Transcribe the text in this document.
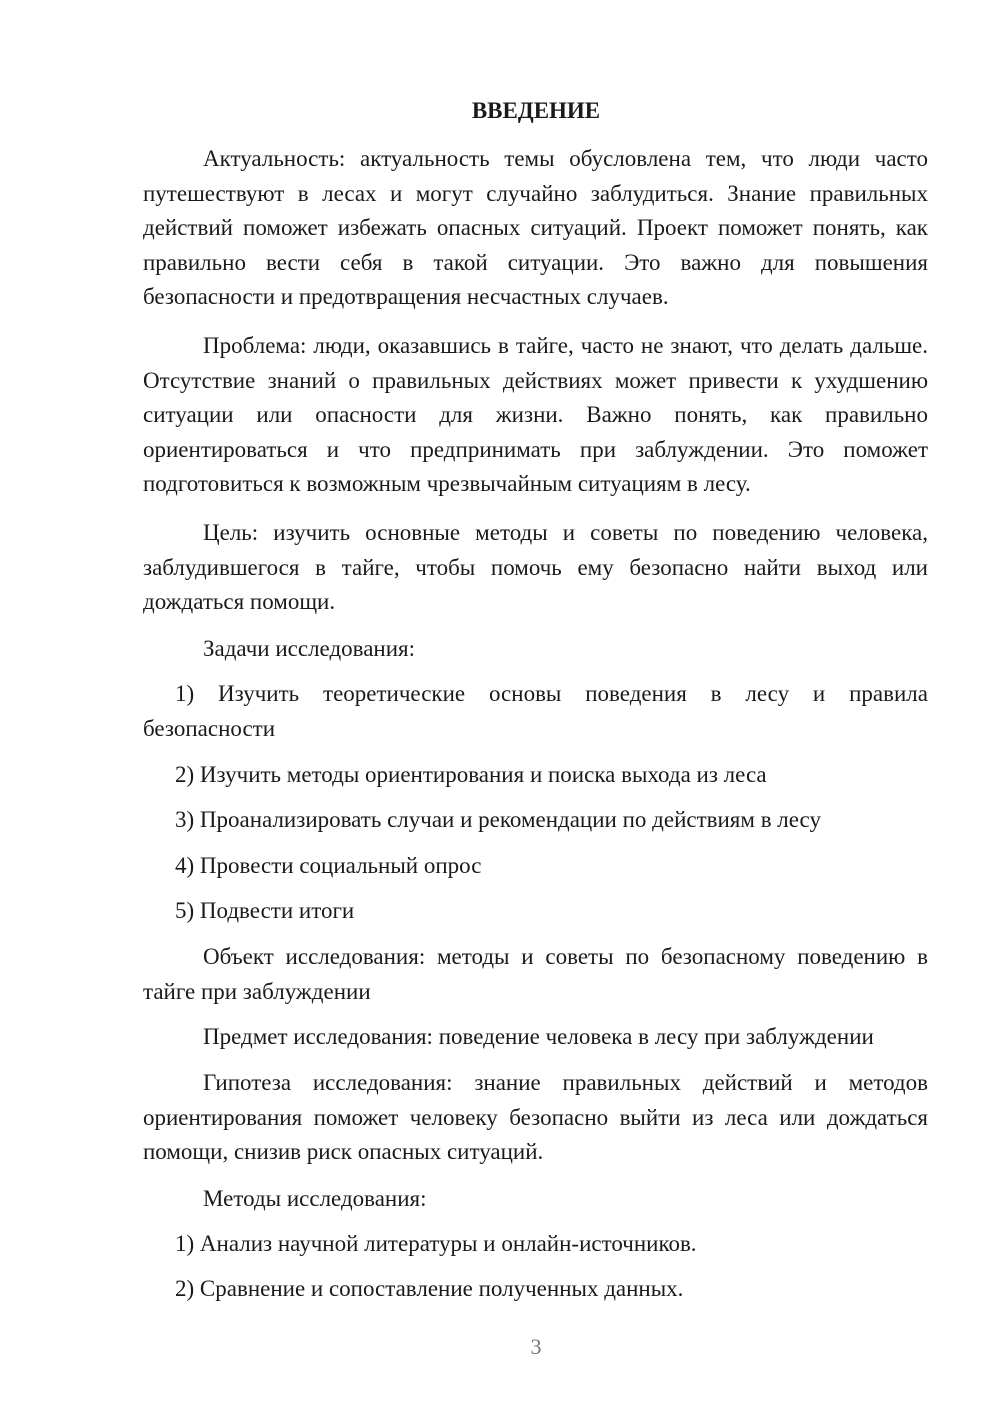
ВВЕДЕНИЕ

Актуальность: актуальность темы обусловлена тем, что люди часто путешествуют в лесах и могут случайно заблудиться. Знание правильных действий поможет избежать опасных ситуаций. Проект поможет понять, как правильно вести себя в такой ситуации. Это важно для повышения безопасности и предотвращения несчастных случаев.

Проблема: люди, оказавшись в тайге, часто не знают, что делать дальше. Отсутствие знаний о правильных действиях может привести к ухудшению ситуации или опасности для жизни. Важно понять, как правильно ориентироваться и что предпринимать при заблуждении. Это поможет подготовиться к возможным чрезвычайным ситуациям в лесу.

Цель: изучить основные методы и советы по поведению человека, заблудившегося в тайге, чтобы помочь ему безопасно найти выход или дождаться помощи.

Задачи исследования:

1) Изучить теоретические основы поведения в лесу и правила
безопасности

2) Изучить методы ориентирования и поиска выхода из леса

3) Проанализировать случаи и рекомендации по действиям в лесу

4) Провести социальный опрос

5) Подвести итоги

Объект исследования: методы и советы по безопасному поведению в тайге при заблуждении

Предмет исследования: поведение человека в лесу при заблуждении

Гипотеза исследования: знание правильных действий и методов ориентирования поможет человеку безопасно выйти из леса или дождаться помощи, снизив риск опасных ситуаций.

Методы исследования:

1) Анализ научной литературы и онлайн-источников.

2) Сравнение и сопоставление полученных данных.

3
